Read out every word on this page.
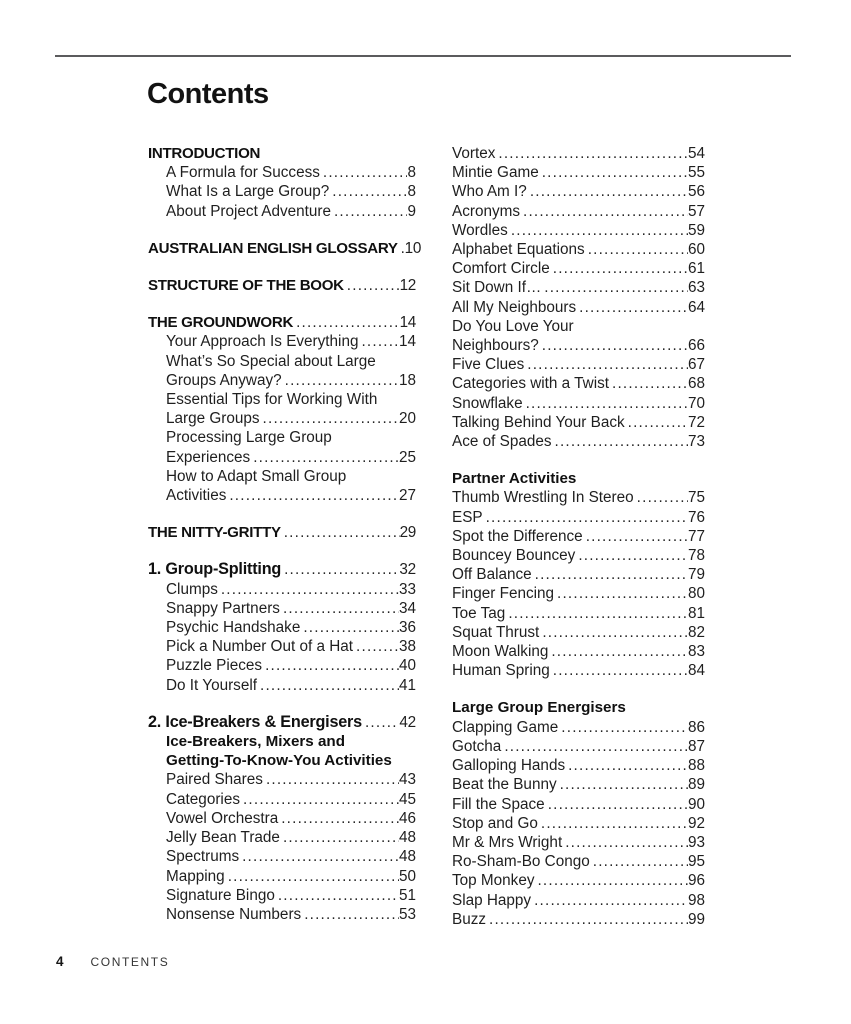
Contents
INTRODUCTION
A Formula for Success .....	8
What Is a Large Group? .....	8
About Project Adventure .....	9
AUSTRALIAN ENGLISH GLOSSARY ..... 10
STRUCTURE OF THE BOOK .....	12
THE GROUNDWORK .....	14
Your Approach Is Everything .....	14
What’s So Special about Large
Groups Anyway? .....	18
Essential Tips for Working With
Large Groups .....	20
Processing Large Group
Experiences .....	25
How to Adapt Small Group
Activities .....	27
THE NITTY-GRITTY .....	29
1. Group-Splitting .....	32
Clumps .....	33
Snappy Partners .....	34
Psychic Handshake .....	36
Pick a Number Out of a Hat .....	38
Puzzle Pieces .....	40
Do It Yourself .....	41
2. Ice-Breakers & Energisers ..... 42
Ice-Breakers, Mixers and
Getting-To-Know-You Activities
Paired Shares .....	43
Categories .....	45
Vowel Orchestra .....	46
Jelly Bean Trade .....	48
Spectrums .....	48
Mapping .....	50
Signature Bingo .....	51
Nonsense Numbers .....	53
Vortex .....	54
Mintie Game .....	55
Who Am I? .....	56
Acronyms .....	57
Wordles .....	59
Alphabet Equations .....	60
Comfort Circle .....	61
Sit Down If… .....	63
All My Neighbours .....	64
Do You Love Your
Neighbours? .....	66
Five Clues .....	67
Categories with a Twist .....	68
Snowflake .....	70
Talking Behind Your Back .....	72
Ace of Spades .....	73
Partner Activities
Thumb Wrestling In Stereo .....	75
ESP .....	76
Spot the Difference .....	77
Bouncey Bouncey .....	78
Off Balance .....	79
Finger Fencing .....	80
Toe Tag .....	81
Squat Thrust .....	82
Moon Walking .....	83
Human Spring .....	84
Large Group Energisers
Clapping Game .....	86
Gotcha .....	87
Galloping Hands .....	88
Beat the Bunny .....	89
Fill the Space .....	90
Stop and Go .....	92
Mr & Mrs Wright .....	93
Ro-Sham-Bo Congo .....	95
Top Monkey .....	96
Slap Happy .....	98
Buzz .....	99
4 CONTENTS
